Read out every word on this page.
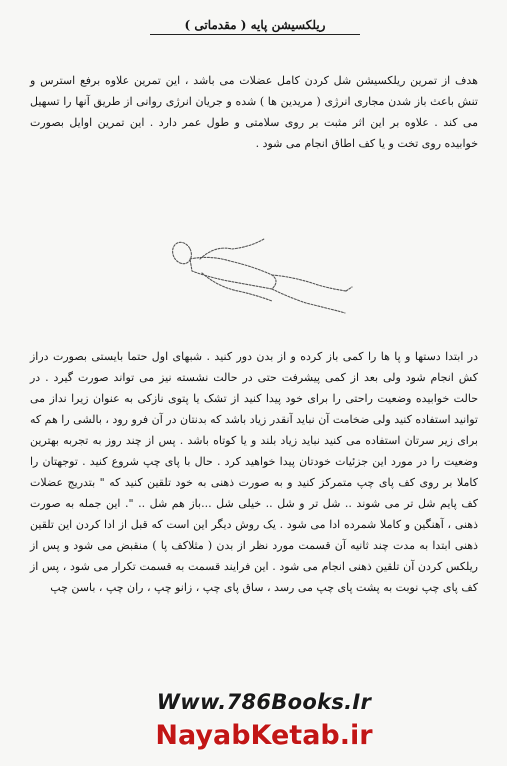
ریلکسیشن پایه ( مقدماتی )

هدف از تمرین ریلکسیشن شل کردن کامل عضلات می باشد ، این تمرین علاوه برفع استرس و تنش باعث باز شدن مجاری انرژی ( مریدین ها ) شده و جریان انرژی روانی از طریق آنها را تسهیل می کند . علاوه بر این اثر مثبت بر روی سلامتی و طول عمر دارد . این تمرین اوایل بصورت خوابیده روی تخت و یا کف اطاق انجام می شود .

در ابتدا دستها و پا ها را کمی باز کرده و از بدن دور کنید . شبهای اول حتما بایستی بصورت دراز کش انجام شود ولی بعد از کمی پیشرفت حتی در حالت نشسته نیز می تواند صورت گیرد . در حالت خوابیده وضعیت راحتی را برای خود پیدا کنید از تشک یا پتوی نازکی به عنوان زیرا نداز می توانید استفاده کنید ولی ضخامت آن نباید آنقدر زیاد باشد که بدنتان در آن فرو رود ، بالشی را هم که برای زیر سرتان استفاده می کنید نباید زیاد بلند و یا کوتاه باشد . پس از چند روز به تجربه بهترین وضعیت را در مورد این جزئیات خودتان پیدا خواهید کرد . حال با پای چپ شروع کنید . توجهتان را کاملا بر روی کف پای چپ متمرکز کنید و به صورت ذهنی به خود تلقین کنید که " بتدریج عضلات کف پایم شل تر می شوند .. شل تر و شل .. خیلی شل ...باز هم شل .. ". این جمله به صورت ذهنی ، آهنگین و کاملا شمرده ادا می شود . یک روش دیگر این است که قبل از ادا کردن این تلقین ذهنی ابتدا به مدت چند ثانیه آن قسمت مورد نظر از بدن ( مثلاکف پا ) منقبض می شود و پس از ریلکس کردن آن تلقین ذهنی انجام می شود . این فرایند قسمت به قسمت تکرار می شود ، پس از کف پای چپ نوبت به پشت پای چپ می رسد ، ساق پای چپ ، زانو چپ ، ران چپ ، باسن چپ

Www.786Books.Ir
NayabKetab.ir
